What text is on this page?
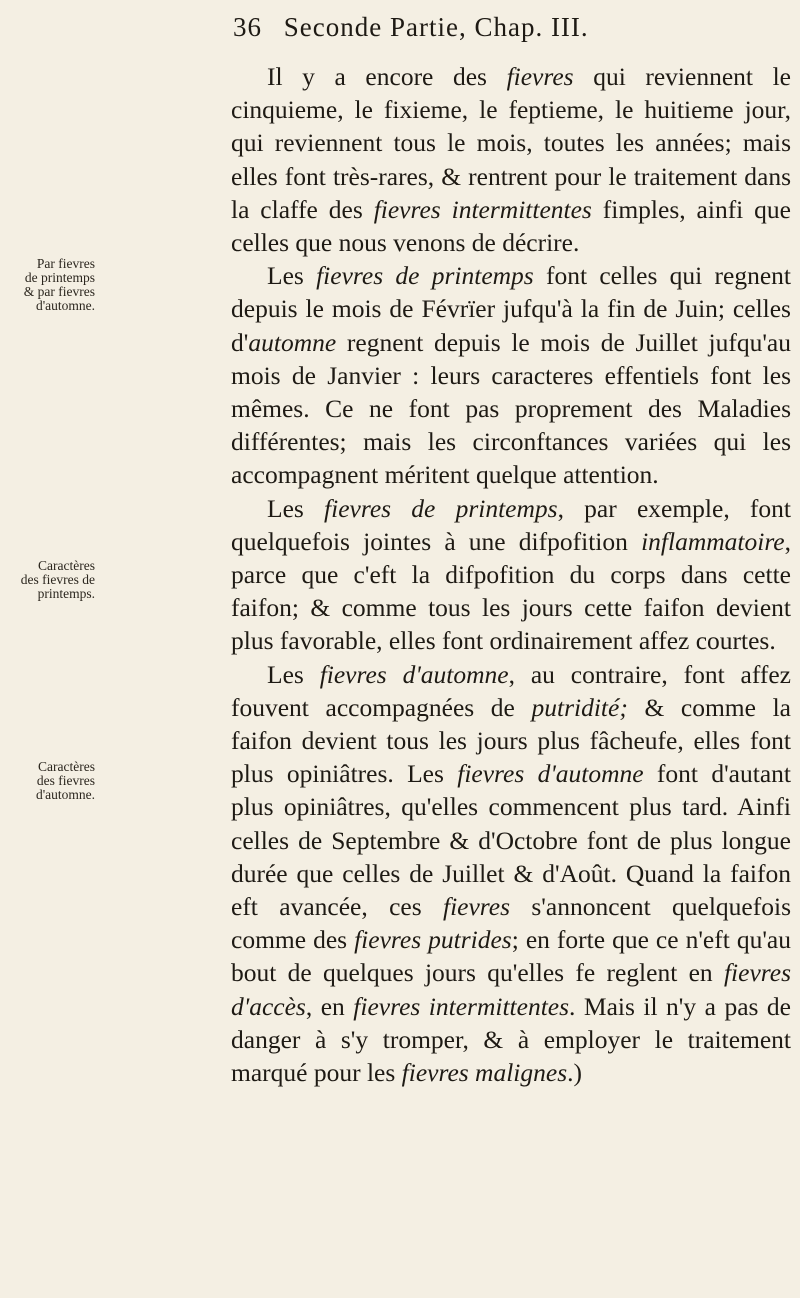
36 Seconde Partie, Chap. III.
Par fievres
de printemps
& par fievres
d'automne.
Caractères
des fievres de
printemps.
Caractères
des fievres
d'automne.

Il y a encore des fievres qui reviennent le cinquieme, le fixieme, le feptieme, le huitieme jour, qui reviennent tous le mois, toutes les années; mais elles font très-rares, & rentrent pour le traitement dans la claffe des fievres intermittentes fimples, ainfi que celles que nous venons de décrire.

Les fievres de printemps font celles qui regnent depuis le mois de Févrïer jufqu'à la fin de Juin; celles d'automne regnent depuis le mois de Juillet jufqu'au mois de Janvier : leurs caracteres effentiels font les mêmes. Ce ne font pas proprement des Maladies différentes; mais les circonftances variées qui les accompagnent méritent quelque attention.

Les fievres de printemps, par exemple, font quelquefois jointes à une difpofition inflammatoire, parce que c'eft la difpofition du corps dans cette faifon; & comme tous les jours cette faifon devient plus favorable, elles font ordinairement affez courtes.

Les fievres d'automne, au contraire, font affez fouvent accompagnées de putridité; & comme la faifon devient tous les jours plus fâcheufe, elles font plus opiniâtres. Les fievres d'automne font d'autant plus opiniâtres, qu'elles commencent plus tard. Ainfi celles de Septembre & d'Octobre font de plus longue durée que celles de Juillet & d'Août. Quand la faifon eft avancée, ces fievres s'annoncent quelquefois comme des fievres putrides; en forte que ce n'eft qu'au bout de quelques jours qu'elles fe reglent en fievres d'accès, en fievres intermittentes. Mais il n'y a pas de danger à s'y tromper, & à employer le traitement marqué pour les fievres malignes.)
